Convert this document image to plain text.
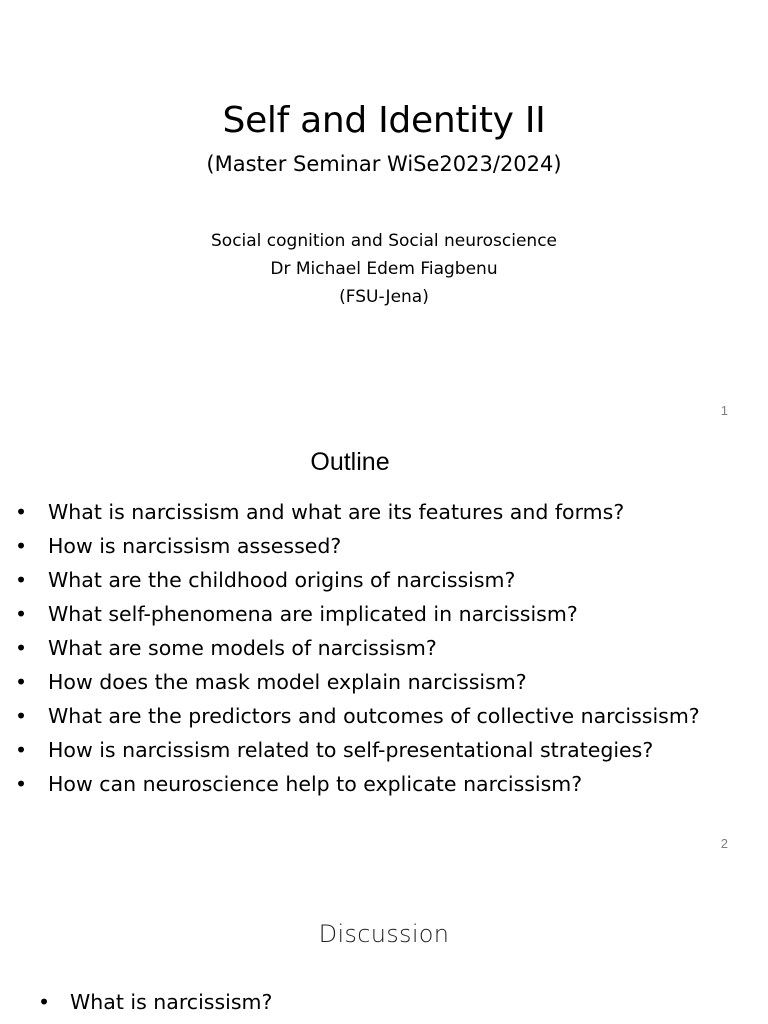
Self and Identity II
(Master Seminar WiSe2023/2024)
Social cognition and Social neuroscience
Dr Michael Edem Fiagbenu
(FSU-Jena)
1
Outline
• What is narcissism and what are its features and forms?
• How is narcissism assessed?
• What are the childhood origins of narcissism?
• What self-phenomena are implicated in narcissism?
• What are some models of narcissism?
• How does the mask model explain narcissism?
• What are the predictors and outcomes of collective narcissism?
• How is narcissism related to self-presentational strategies?
• How can neuroscience help to explicate narcissism?
2
Discussion
• What is narcissism?
